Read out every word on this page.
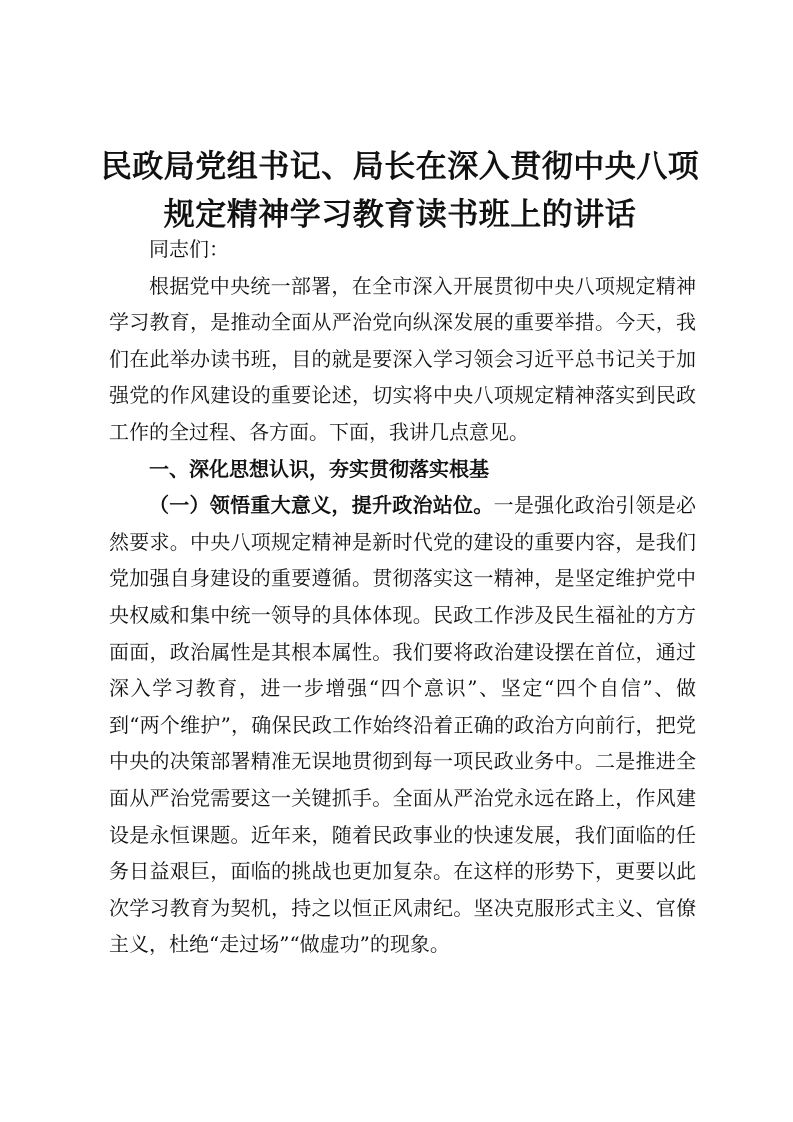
民政局党组书记、局长在深入贯彻中央八项规定精神学习教育读书班上的讲话

同志们：

根据党中央统一部署，在全市深入开展贯彻中央八项规定精神学习教育，是推动全面从严治党向纵深发展的重要举措。今天，我们在此举办读书班，目的就是要深入学习领会习近平总书记关于加强党的作风建设的重要论述，切实将中央八项规定精神落实到民政工作的全过程、各方面。下面，我讲几点意见。

一、深化思想认识，夯实贯彻落实根基

（一）领悟重大意义，提升政治站位。一是强化政治引领是必然要求。中央八项规定精神是新时代党的建设的重要内容，是我们党加强自身建设的重要遵循。贯彻落实这一精神，是坚定维护党中央权威和集中统一领导的具体体现。民政工作涉及民生福祉的方方面面，政治属性是其根本属性。我们要将政治建设摆在首位，通过深入学习教育，进一步增强“四个意识”、坚定“四个自信”、做到“两个维护”，确保民政工作始终沿着正确的政治方向前行，把党中央的决策部署精准无误地贯彻到每一项民政业务中。二是推进全面从严治党需要这一关键抓手。全面从严治党永远在路上，作风建设是永恒课题。近年来，随着民政事业的快速发展，我们面临的任务日益艰巨，面临的挑战也更加复杂。在这样的形势下，更要以此次学习教育为契机，持之以恒正风肃纪。坚决克服形式主义、官僚主义，杜绝“走过场”“做虚功”的现象。
